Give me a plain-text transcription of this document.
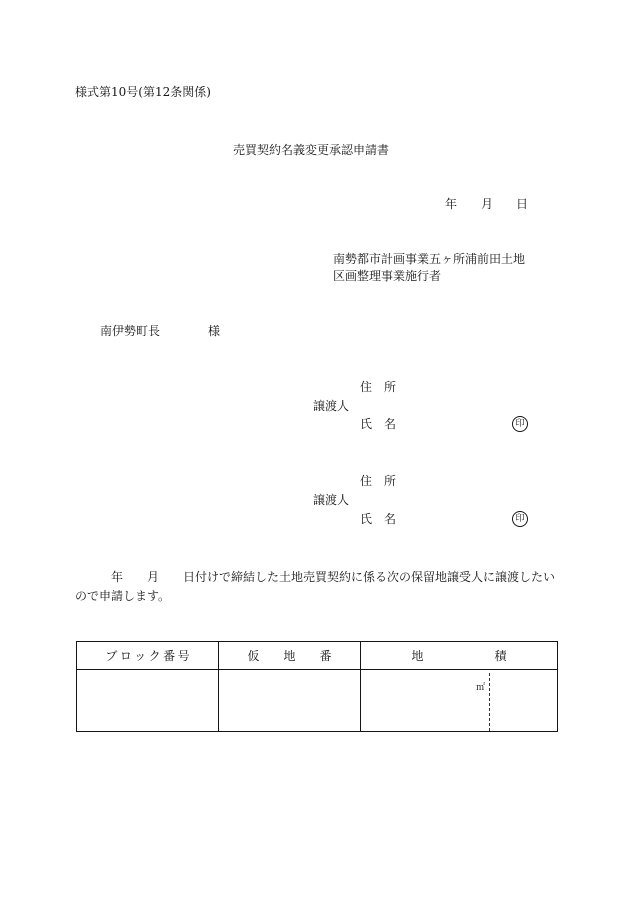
様式第10号(第12条関係)
売買契約名義変更承認申請書
年 月 日
南勢都市計画事業五ヶ所浦前田土地
区画整理事業施行者
南伊勢町長	様
住　所
譲渡人
氏　名	印
住　所
譲渡人
氏　名	印
年 月 日付けで締結した土地売買契約に係る次の保留地譲受人に譲渡したい
ので申請します。
ブロック番号	仮地番	地積

		㎡
